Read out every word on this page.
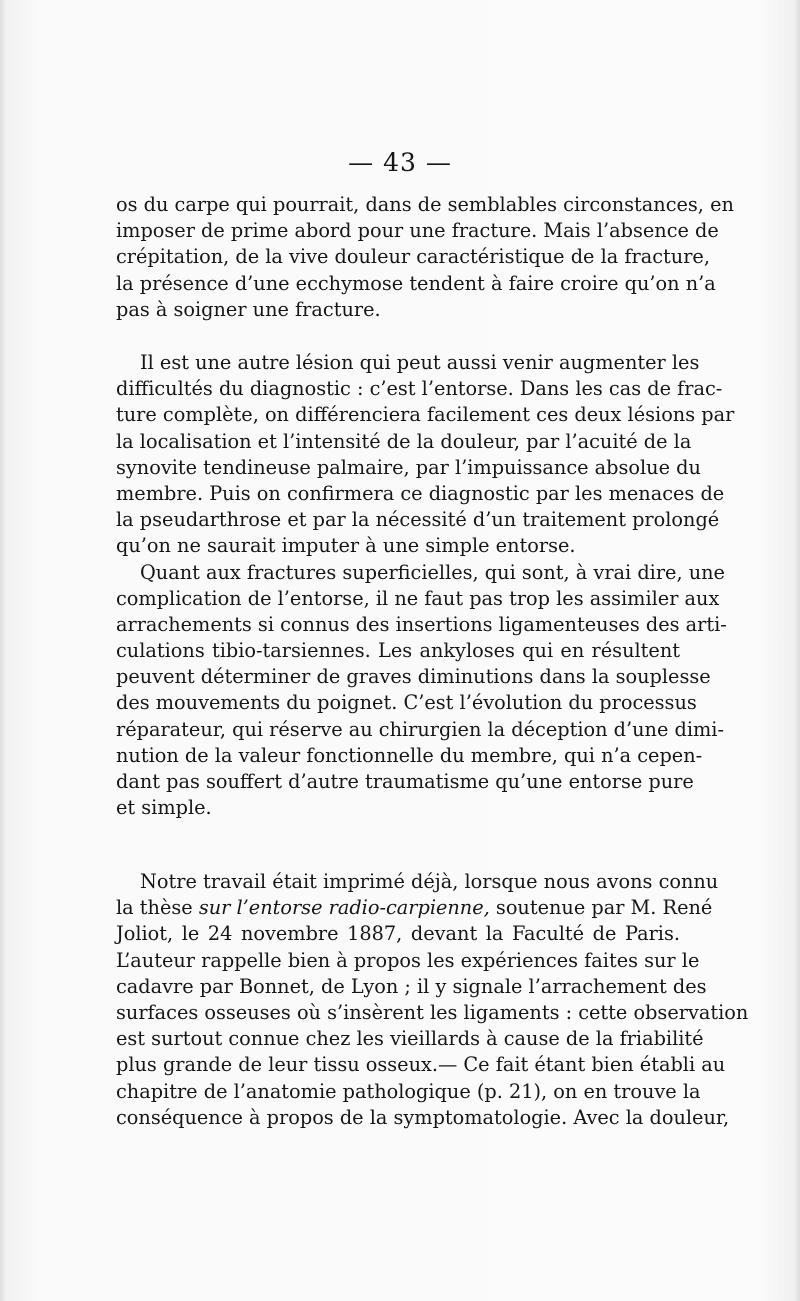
— 43 —
os du carpe qui pourrait, dans de semblables circonstances, en
imposer de prime abord pour une fracture. Mais l’absence de
crépitation, de la vive douleur caractéristique de la fracture,
la présence d’une ecchymose tendent à faire croire qu’on n’a
pas à soigner une fracture.
Il est une autre lésion qui peut aussi venir augmenter les
difficultés du diagnostic : c’est l’entorse. Dans les cas de frac-
ture complète, on différenciera facilement ces deux lésions par
la localisation et l’intensité de la douleur, par l’acuité de la
synovite tendineuse palmaire, par l’impuissance absolue du
membre. Puis on confirmera ce diagnostic par les menaces de
la pseudarthrose et par la nécessité d’un traitement prolongé
qu’on ne saurait imputer à une simple entorse.
Quant aux fractures superficielles, qui sont, à vrai dire, une
complication de l’entorse, il ne faut pas trop les assimiler aux
arrachements si connus des insertions ligamenteuses des arti-
culations tibio-tarsiennes. Les ankyloses qui en résultent
peuvent déterminer de graves diminutions dans la souplesse
des mouvements du poignet. C’est l’évolution du processus
réparateur, qui réserve au chirurgien la déception d’une dimi-
nution de la valeur fonctionnelle du membre, qui n’a cepen-
dant pas souffert d’autre traumatisme qu’une entorse pure
et simple.
Notre travail était imprimé déjà, lorsque nous avons connu
la thèse sur l’entorse radio-carpienne, soutenue par M. René
Joliot, le 24 novembre 1887, devant la Faculté de Paris.
L’auteur rappelle bien à propos les expériences faites sur le
cadavre par Bonnet, de Lyon ; il y signale l’arrachement des
surfaces osseuses où s’insèrent les ligaments : cette observation
est surtout connue chez les vieillards à cause de la friabilité
plus grande de leur tissu osseux.— Ce fait étant bien établi au
chapitre de l’anatomie pathologique (p. 21), on en trouve la
conséquence à propos de la symptomatologie. Avec la douleur,
